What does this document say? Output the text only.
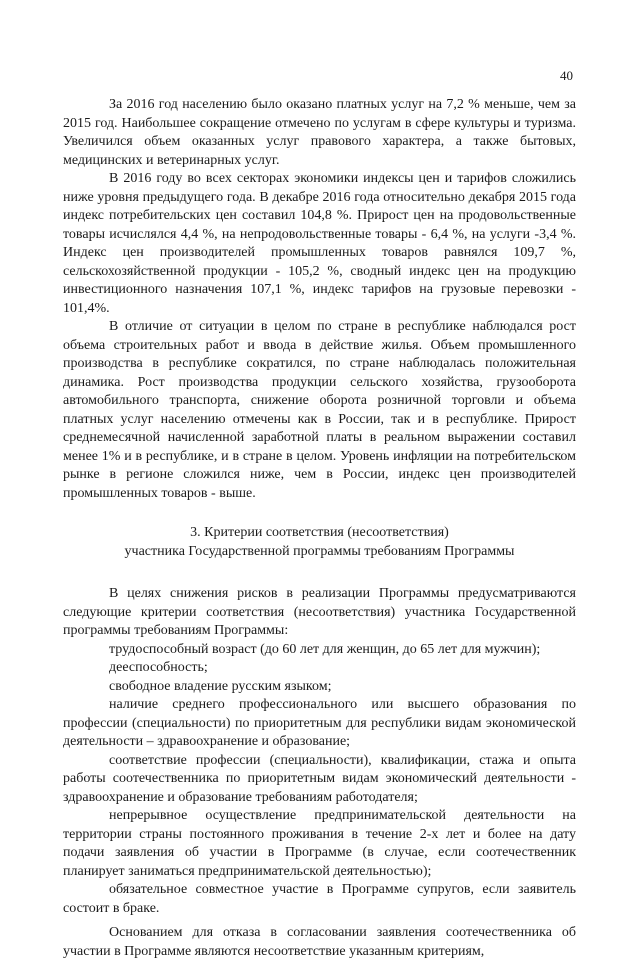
40

За 2016 год населению было оказано платных услуг на 7,2 % меньше, чем за 2015 год. Наибольшее сокращение отмечено по услугам в сфере культуры и туризма. Увеличился объем оказанных услуг правового характера, а также бытовых, медицинских и ветеринарных услуг.

В 2016 году во всех секторах экономики индексы цен и тарифов сложились ниже уровня предыдущего года. В декабре 2016 года относительно декабря 2015 года индекс потребительских цен составил 104,8 %. Прирост цен на продовольственные товары исчислялся 4,4 %, на непродовольственные товары - 6,4 %, на услуги -3,4 %. Индекс цен производителей промышленных товаров равнялся 109,7 %, сельскохозяйственной продукции - 105,2 %, сводный индекс цен на продукцию инвестиционного назначения 107,1 %, индекс тарифов на грузовые перевозки - 101,4%.

В отличие от ситуации в целом по стране в республике наблюдался рост объема строительных работ и ввода в действие жилья. Объем промышленного производства в республике сократился, по стране наблюдалась положительная динамика. Рост производства продукции сельского хозяйства, грузооборота автомобильного транспорта, снижение оборота розничной торговли и объема платных услуг населению отмечены как в России, так и в республике. Прирост среднемесячной начисленной заработной платы в реальном выражении составил менее 1% и в республике, и в стране в целом. Уровень инфляции на потребительском рынке в регионе сложился ниже, чем в России, индекс цен производителей промышленных товаров - выше.

3. Критерии соответствия (несоответствия)
участника Государственной программы требованиям Программы

В целях снижения рисков в реализации Программы предусматриваются следующие критерии соответствия (несоответствия) участника Государственной программы требованиям Программы:

трудоспособный возраст (до 60 лет для женщин, до 65 лет для мужчин);

дееспособность;

свободное владение русским языком;

наличие среднего профессионального или высшего образования по профессии (специальности) по приоритетным для республики видам экономической деятельности – здравоохранение и образование;

соответствие профессии (специальности), квалификации, стажа и опыта работы соотечественника по приоритетным видам экономический деятельности - здравоохранение и образование требованиям работодателя;

непрерывное осуществление предпринимательской деятельности на территории страны постоянного проживания в течение 2-х лет и более на дату подачи заявления об участии в Программе (в случае, если соотечественник планирует заниматься предпринимательской деятельностью);

обязательное совместное участие в Программе супругов, если заявитель состоит в браке.

Основанием для отказа в согласовании заявления соотечественника об участии в Программе являются несоответствие указанным критериям,
